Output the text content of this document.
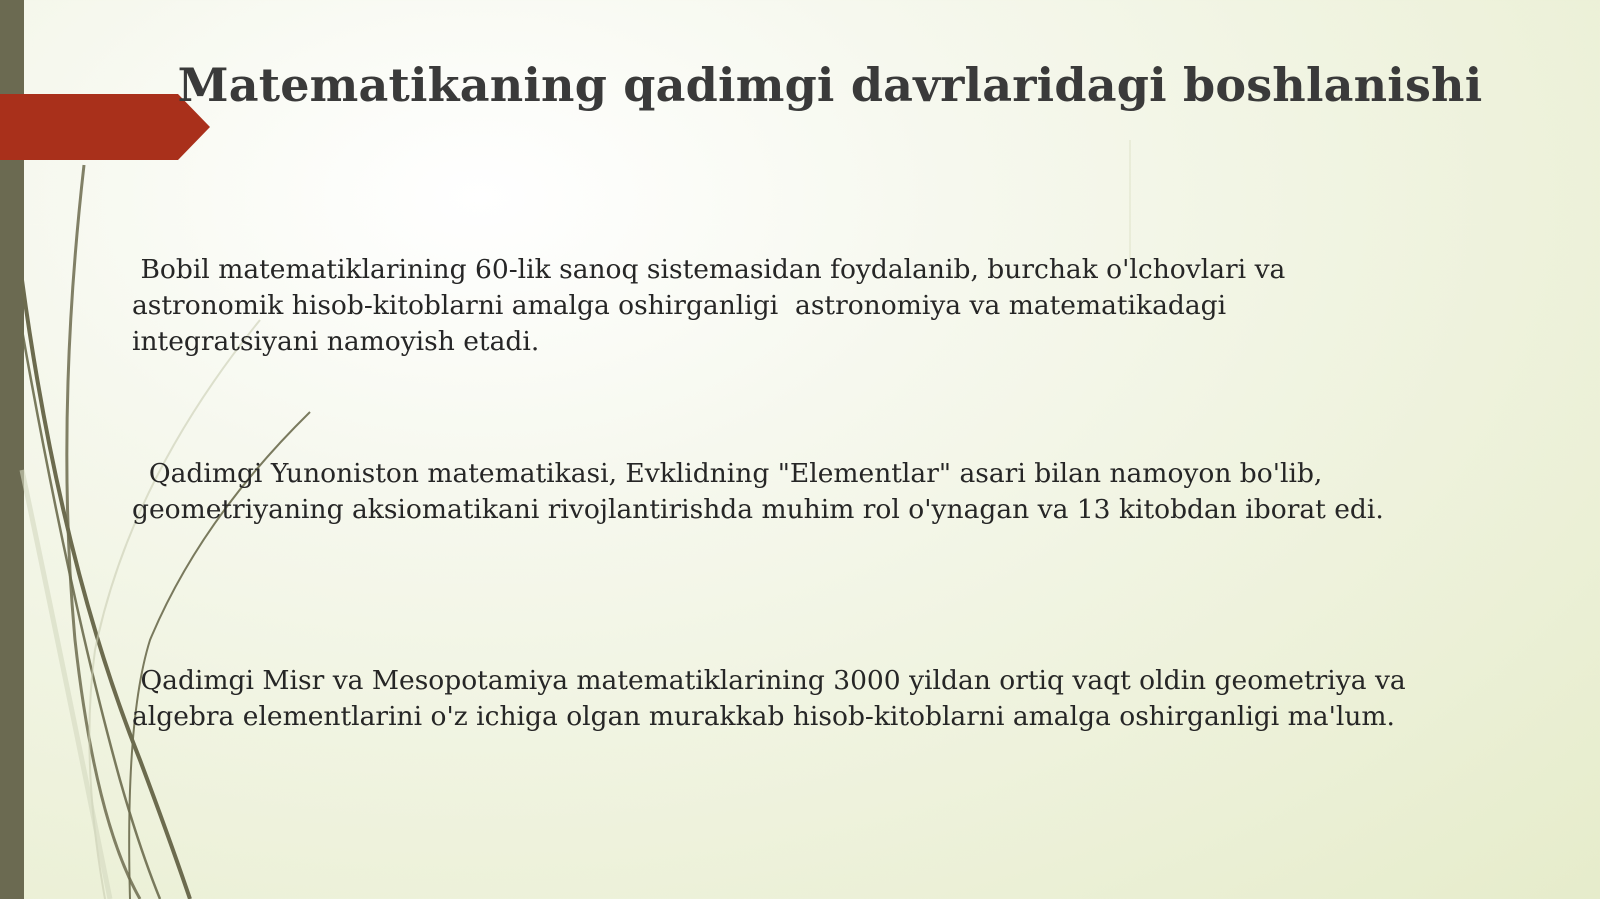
Matematikaning qadimgi davrlaridagi boshlanishi
Bobil matematiklarining 60-lik sanoq sistemasidan foydalanib, burchak o'lchovlari va
astronomik hisob-kitoblarni amalga oshirganligi  astronomiya va matematikadagi
integratsiyani namoyish etadi.
Qadimgi Yunoniston matematikasi, Evklidning "Elementlar" asari bilan namoyon bo'lib,
geometriyaning aksiomatikani rivojlantirishda muhim rol o'ynagan va 13 kitobdan iborat edi.
Qadimgi Misr va Mesopotamiya matematiklarining 3000 yildan ortiq vaqt oldin geometriya va
algebra elementlarini o'z ichiga olgan murakkab hisob-kitoblarni amalga oshirganligi ma'lum.
